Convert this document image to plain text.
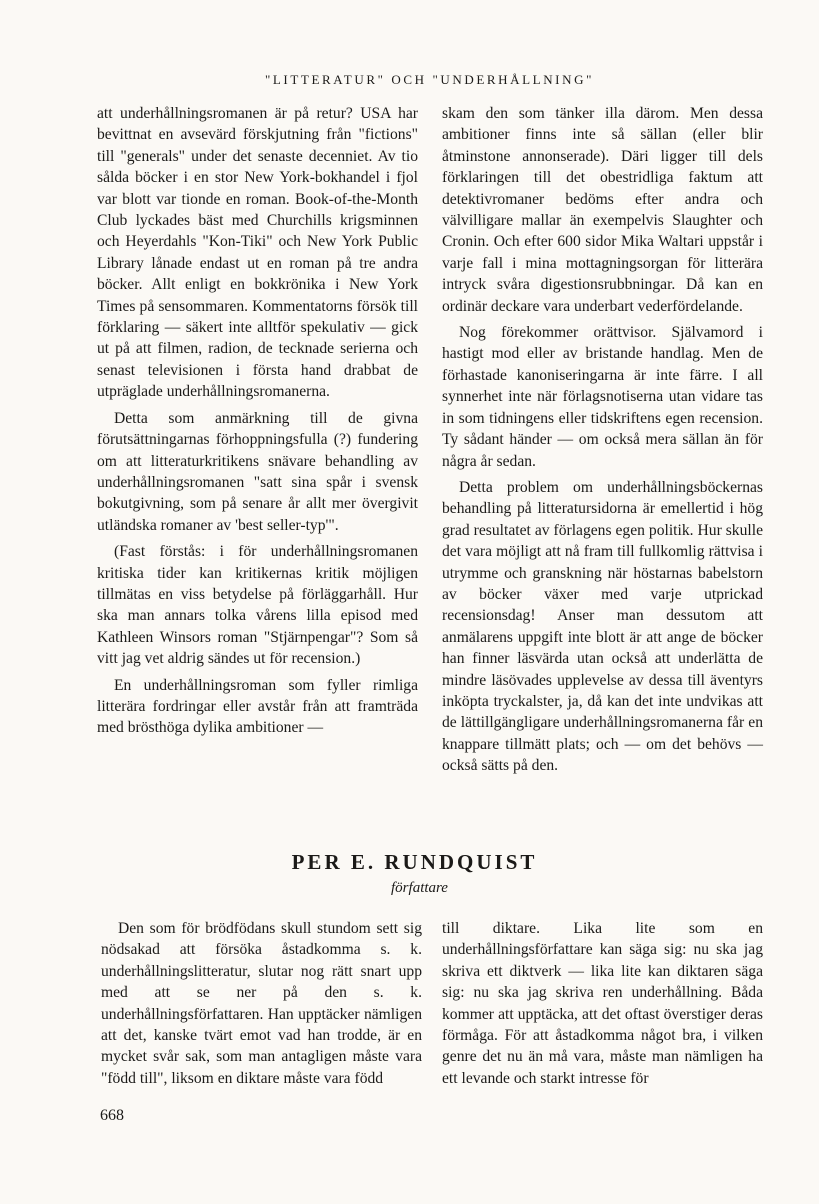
"LITTERATUR" OCH "UNDERHÅLLNING"

att underhållningsromanen är på retur? USA har bevittnat en avsevärd förskjutning från "fictions" till "generals" under det senaste decenniet. Av tio sålda böcker i en stor New York-bokhandel i fjol var blott var tionde en roman. Book-of-the-Month Club lyckades bäst med Churchills krigsminnen och Heyerdahls "Kon-Tiki" och New York Public Library lånade endast ut en roman på tre andra böcker. Allt enligt en bokkrönika i New York Times på sensommaren. Kommentatorns försök till förklaring — säkert inte alltför spekulativ — gick ut på att filmen, radion, de tecknade serierna och senast televisionen i första hand drabbat de utpräglade underhållningsromanerna.

Detta som anmärkning till de givna förutsättningarnas förhoppningsfulla (?) fundering om att litteraturkritikens snävare behandling av underhållningsromanen "satt sina spår i svensk bokutgivning, som på senare år allt mer övergivit utländska romaner av 'best seller-typ'".

(Fast förstås: i för underhållningsromanen kritiska tider kan kritikernas kritik möjligen tillmätas en viss betydelse på förläggarhåll. Hur ska man annars tolka vårens lilla episod med Kathleen Winsors roman "Stjärnpengar"? Som så vitt jag vet aldrig sändes ut för recension.)

En underhållningsroman som fyller rimliga litterära fordringar eller avstår från att framträda med brösthöga dylika ambitioner —

skam den som tänker illa därom. Men dessa ambitioner finns inte så sällan (eller blir åtminstone annonserade). Däri ligger till dels förklaringen till det obestridliga faktum att detektivromaner bedöms efter andra och välvilligare mallar än exempelvis Slaughter och Cronin. Och efter 600 sidor Mika Waltari uppstår i varje fall i mina mottagningsorgan för litterära intryck svåra digestionsrubbningar. Då kan en ordinär deckare vara underbart vederfördelande.

Nog förekommer orättvisor. Självamord i hastigt mod eller av bristande handlag. Men de förhastade kanoniseringarna är inte färre. I all synnerhet inte när förlagsnotiserna utan vidare tas in som tidningens eller tidskriftens egen recension. Ty sådant händer — om också mera sällan än för några år sedan.

Detta problem om underhållningsböckernas behandling på litteratursidorna är emellertid i hög grad resultatet av förlagens egen politik. Hur skulle det vara möjligt att nå fram till fullkomlig rättvisa i utrymme och granskning när höstarnas babelstorn av böcker växer med varje utprickad recensionsdag! Anser man dessutom att anmälarens uppgift inte blott är att ange de böcker han finner läsvärda utan också att underlätta de mindre läsövades upplevelse av dessa till äventyrs inköpta tryckalster, ja, då kan det inte undvikas att de lättillgängligare underhållningsromanerna får en knappare tillmätt plats; och — om det behövs — också sätts på den.

PER E. RUNDQUIST
författare

Den som för brödfödans skull stundom sett sig nödsakad att försöka åstadkomma s. k. underhållningslitteratur, slutar nog rätt snart upp med att se ner på den s. k. underhållningsförfattaren. Han upptäcker nämligen att det, kanske tvärt emot vad han trodde, är en mycket svår sak, som man antagligen måste vara "född till", liksom en diktare måste vara född

till diktare. Lika lite som en underhållningsförfattare kan säga sig: nu ska jag skriva ett diktverk — lika lite kan diktaren säga sig: nu ska jag skriva ren underhållning. Båda kommer att upptäcka, att det oftast överstiger deras förmåga. För att åstadkomma något bra, i vilken genre det nu än må vara, måste man nämligen ha ett levande och starkt intresse för

668
